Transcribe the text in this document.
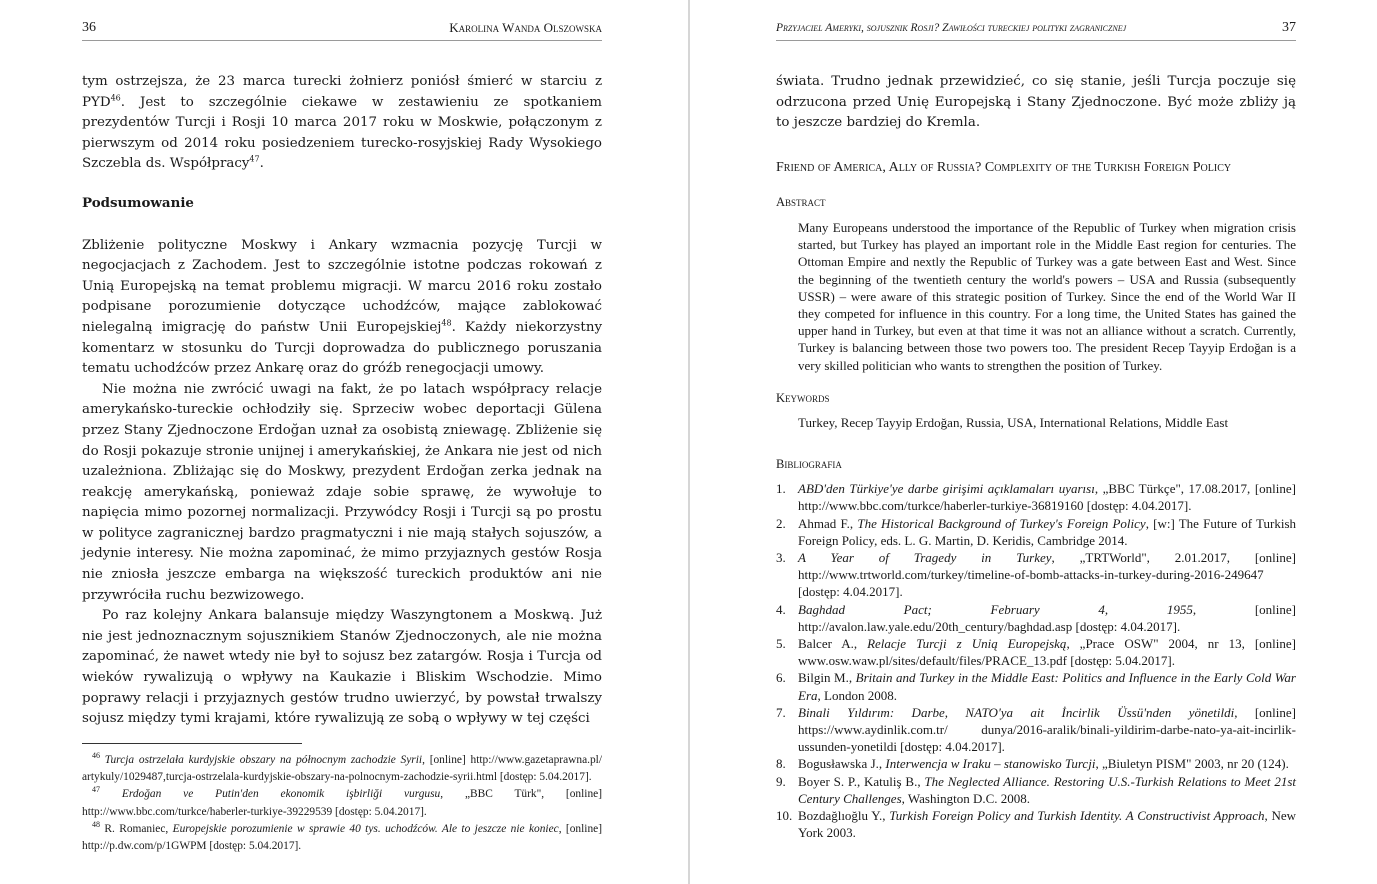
36	Karolina Wanda Olszowska

tym ostrzejsza, że 23 marca turecki żołnierz poniósł śmierć w starciu z PYD$^{46}$. Jest to szczególnie ciekawe w zestawieniu ze spotkaniem prezydentów Turcji i Rosji 10 marca 2017 roku w Moskwie, połączonym z pierwszym od 2014 roku posiedzeniem turecko-rosyjskiej Rady Wysokiego Szczebla ds. Współpracy$^{47}$.

Podsumowanie

Zbliżenie polityczne Moskwy i Ankary wzmacnia pozycję Turcji w negocjacjach z Zachodem. Jest to szczególnie istotne podczas rokowań z Unią Europejską na temat problemu migracji. W marcu 2016 roku zostało podpisane porozumienie dotyczące uchodźców, mające zablokować nielegalną imigrację do państw Unii Europejskiej$^{48}$. Każdy niekorzystny komentarz w stosunku do Turcji doprowadza do publicznego poruszania tematu uchodźców przez Ankarę oraz do gróźb renegocjacji umowy.

Nie można nie zwrócić uwagi na fakt, że po latach współpracy relacje amerykańsko-tureckie ochłodziły się. Sprzeciw wobec deportacji Gülena przez Stany Zjednoczone Erdoğan uznał za osobistą zniewagę. Zbliżenie się do Rosji pokazuje stronie unijnej i amerykańskiej, że Ankara nie jest od nich uzależniona. Zbliżając się do Moskwy, prezydent Erdoğan zerka jednak na reakcję amerykańską, ponieważ zdaje sobie sprawę, że wywołuje to napięcia mimo pozornej normalizacji. Przywódcy Rosji i Turcji są po prostu w polityce zagranicznej bardzo pragmatyczni i nie mają stałych sojuszów, a jedynie interesy. Nie można zapominać, że mimo przyjaznych gestów Rosja nie zniosła jeszcze embarga na większość tureckich produktów ani nie przywróciła ruchu bezwizowego.

Po raz kolejny Ankara balansuje między Waszyngtonem a Moskwą. Już nie jest jednoznacznym sojusznikiem Stanów Zjednoczonych, ale nie można zapominać, że nawet wtedy nie był to sojusz bez zatargów. Rosja i Turcja od wieków rywalizują o wpływy na Kaukazie i Bliskim Wschodzie. Mimo poprawy relacji i przyjaznych gestów trudno uwierzyć, by powstał trwalszy sojusz między tymi krajami, które rywalizują ze sobą o wpływy w tej części

$^{46}$ Turcja ostrzelała kurdyjskie obszary na północnym zachodzie Syrii, [online] http://www.gazetaprawna.pl/ artykuly/1029487,turcja-ostrzelala-kurdyjskie-obszary-na-polnocnym-zachodzie-syrii.html [dostęp: 5.04.2017].

$^{47}$ Erdoğan ve Putin'den ekonomik işbirliği vurgusu, „BBC Türk", [online] http://www.bbc.com/turkce/haberler-turkiye-39229539 [dostęp: 5.04.2017].

$^{48}$ R. Romaniec, Europejskie porozumienie w sprawie 40 tys. uchodźców. Ale to jeszcze nie koniec, [online] http://p.dw.com/p/1GWPM [dostęp: 5.04.2017].

Przyjaciel Ameryki, sojusznik Rosji? Zawiłości tureckiej polityki zagranicznej	37

świata. Trudno jednak przewidzieć, co się stanie, jeśli Turcja poczuje się odrzucona przed Unię Europejską i Stany Zjednoczone. Być może zbliży ją to jeszcze bardziej do Kremla.

Friend of America, Ally of Russia? Complexity of the Turkish Foreign Policy
Abstract
Many Europeans understood the importance of the Republic of Turkey when migration crisis started, but Turkey has played an important role in the Middle East region for centuries. The Ottoman Empire and nextly the Republic of Turkey was a gate between East and West. Since the beginning of the twentieth century the world's powers – USA and Russia (subsequently USSR) – were aware of this strategic position of Turkey. Since the end of the World War II they competed for influence in this country. For a long time, the United States has gained the upper hand in Turkey, but even at that time it was not an alliance without a scratch. Currently, Turkey is balancing between those two powers too. The president Recep Tayyip Erdoğan is a very skilled politician who wants to strengthen the position of Turkey.
Keywords
Turkey, Recep Tayyip Erdoğan, Russia, USA, International Relations, Middle East
Bibliografia
1. ABD'den Türkiye'ye darbe girişimi açıklamaları uyarısı, „BBC Türkçe", 17.08.2017, [online] http://www.bbc.com/turkce/haberler-turkiye-36819160 [dostęp: 4.04.2017].
2. Ahmad F., The Historical Background of Turkey's Foreign Policy, [w:] The Future of Turkish Foreign Policy, eds. L. G. Martin, D. Keridis, Cambridge 2014.
3. A Year of Tragedy in Turkey, „TRTWorld", 2.01.2017, [online] http://www.trtworld.com/turkey/timeline-of-bomb-attacks-in-turkey-during-2016-249647 [dostęp: 4.04.2017].
4. Baghdad Pact; February 4, 1955, [online] http://avalon.law.yale.edu/20th_century/baghdad.asp [dostęp: 4.04.2017].
5. Balcer A., Relacje Turcji z Unią Europejską, „Prace OSW" 2004, nr 13, [online] www.osw.waw.pl/sites/default/files/PRACE_13.pdf [dostęp: 5.04.2017].
6. Bilgin M., Britain and Turkey in the Middle East: Politics and Influence in the Early Cold War Era, London 2008.
7. Binali Yıldırım: Darbe, NATO'ya ait İncirlik Üssü'nden yönetildi, [online] https://www.aydinlik.com.tr/ dunya/2016-aralik/binali-yildirim-darbe-nato-ya-ait-incirlik-ussunden-yonetildi [dostęp: 4.04.2017].
8. Bogusławska J., Interwencja w Iraku – stanowisko Turcji, „Biuletyn PISM" 2003, nr 20 (124).
9. Boyer S. P., Katuliş B., The Neglected Alliance. Restoring U.S.-Turkish Relations to Meet 21st Century Challenges, Washington D.C. 2008.
10. Bozdağlıoğlu Y., Turkish Foreign Policy and Turkish Identity. A Constructivist Approach, New York 2003.
